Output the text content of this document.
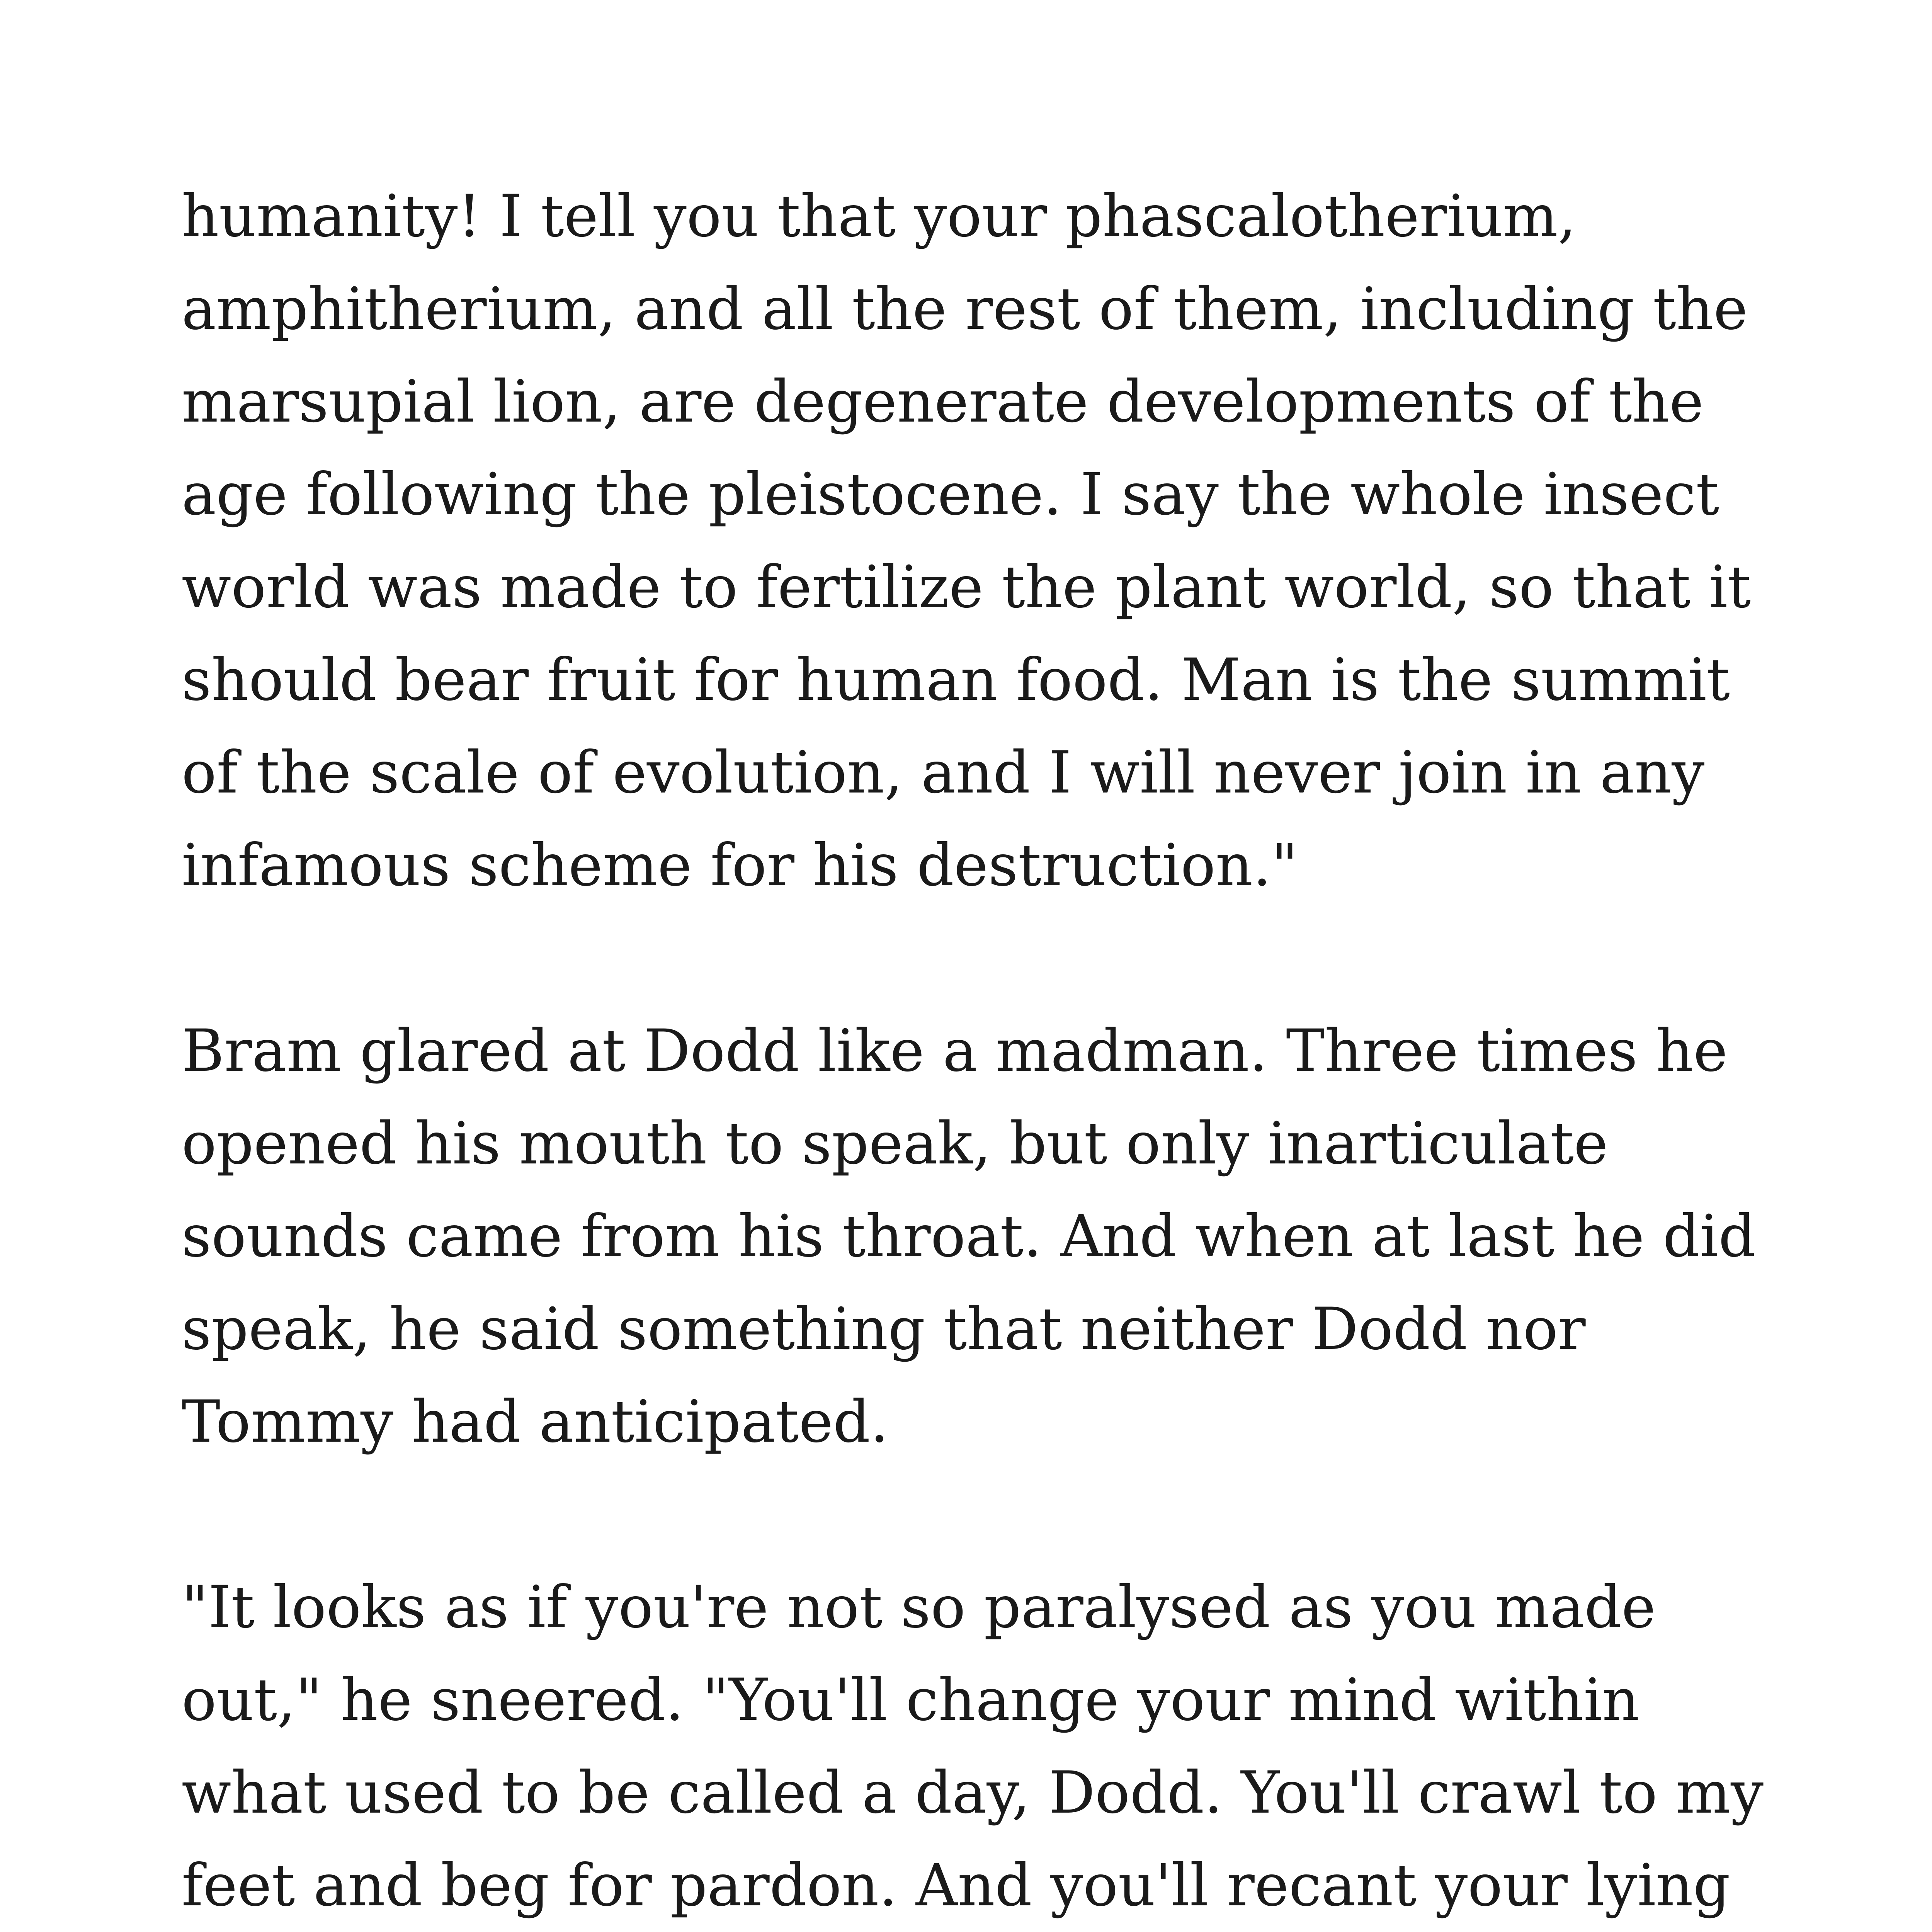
humanity! I tell you that your phascalotherium,
amphitherium, and all the rest of them, including the
marsupial lion, are degenerate developments of the
age following the pleistocene. I say the whole insect
world was made to fertilize the plant world, so that it
should bear fruit for human food. Man is the summit
of the scale of evolution, and I will never join in any
infamous scheme for his destruction."
Bram glared at Dodd like a madman. Three times he
opened his mouth to speak, but only inarticulate
sounds came from his throat. And when at last he did
speak, he said something that neither Dodd nor
Tommy had anticipated.
"It looks as if you're not so paralysed as you made
out," he sneered. "You'll change your mind within
what used to be called a day, Dodd. You'll crawl to my
feet and beg for pardon. And you'll recant your lying
